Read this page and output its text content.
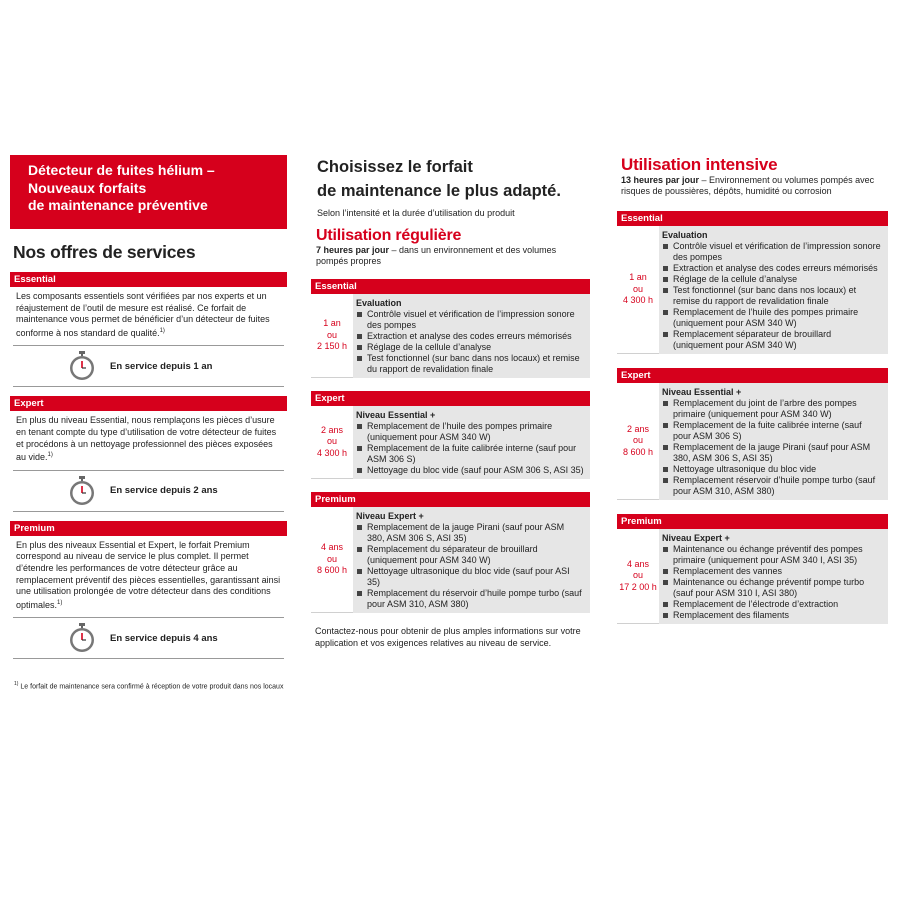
Détecteur de fuites hélium –
Nouveaux forfaits
de maintenance préventive
Nos offres de services
Essential
Les composants essentiels sont vérifiées par nos experts et un réajustement de l’outil de mesure est réalisé. Ce forfait de maintenance vous permet de bénéficier d’un détecteur de fuites conforme à nos standard de qualité.$^{1)}$
En service depuis 1 an
Expert
En plus du niveau Essential, nous remplaçons les pièces d’usure en tenant compte du type d’utilisation de votre détecteur de fuites et procédons à un nettoyage professionnel des pièces exposées au vide.$^{1)}$
En service depuis 2 ans
Premium
En plus des niveaux Essential et Expert, le forfait Premium correspond au niveau de service le plus complet. Il permet d’étendre les performances de votre détecteur grâce au remplacement préventif des pièces essentielles, garantissant ainsi une utilisation prolongée de votre détecteur dans des conditions optimales.$^{1)}$
En service depuis 4 ans
$^{1)}$ Le forfait de maintenance sera confirmé à réception de votre produit dans nos locaux
Choisissez le forfait
de maintenance le plus adapté.
Selon l’intensité et la durée d’utilisation du produit
Utilisation régulière
7 heures par jour – dans un environnement et des volumes pompés propres
Essential
1 an
ou
2 150 h
Evaluation
Contrôle visuel et vérification de l’impression sonore des pompes
Extraction et analyse des codes erreurs mémorisés
Réglage de la cellule d’analyse
Test fonctionnel (sur banc dans nos locaux) et remise du rapport de revalidation finale
Expert
2 ans
ou
4 300 h
Niveau Essential +
Remplacement de l’huile des pompes primaire (uniquement pour ASM 340 W)
Remplacement de la fuite calibrée interne (sauf pour ASM 306 S)
Nettoyage du bloc vide (sauf pour ASM 306 S, ASI 35)
Premium
4 ans
ou
8 600 h
Niveau Expert +
Remplacement de la jauge Pirani (sauf pour ASM 380, ASM 306 S, ASI 35)
Remplacement du séparateur de brouillard (uniquement pour ASM 340 W)
Nettoyage ultrasonique du bloc vide (sauf pour ASI 35)
Remplacement du réservoir d’huile pompe turbo (sauf pour ASM 310, ASM 380)
Contactez-nous pour obtenir de plus amples informations sur votre application et vos exigences relatives au niveau de service.
Utilisation intensive
13 heures par jour – Environnement ou volumes pompés avec risques de poussières, dépôts, humidité ou corrosion
Essential
1 an
ou
4 300 h
Evaluation
Contrôle visuel et vérification de l’impression sonore des pompes
Extraction et analyse des codes erreurs mémorisés
Réglage de la cellule d’analyse
Test fonctionnel (sur banc dans nos locaux) et remise du rapport de revalidation finale
Remplacement de l’huile des pompes primaire (uniquement pour ASM 340 W)
Remplacement séparateur de brouillard (uniquement pour ASM 340 W)
Expert
2 ans
ou
8 600 h
Niveau Essential +
Remplacement du joint de l’arbre des pompes primaire (uniquement pour ASM 340 W)
Remplacement de la fuite calibrée interne (sauf pour ASM 306 S)
Remplacement de la jauge Pirani (sauf pour ASM 380, ASM 306 S, ASI 35)
Nettoyage ultrasonique du bloc vide
Remplacement réservoir d’huile pompe turbo (sauf pour ASM 310, ASM 380)
Premium
4 ans
ou
17 2 00 h
Niveau Expert +
Maintenance ou échange préventif des pompes primaire (uniquement pour ASM 340 I, ASI 35)
Remplacement des vannes
Maintenance ou échange préventif pompe turbo (sauf pour ASM 310 I, ASI 380)
Remplacement de l’électrode d’extraction
Remplacement des filaments
